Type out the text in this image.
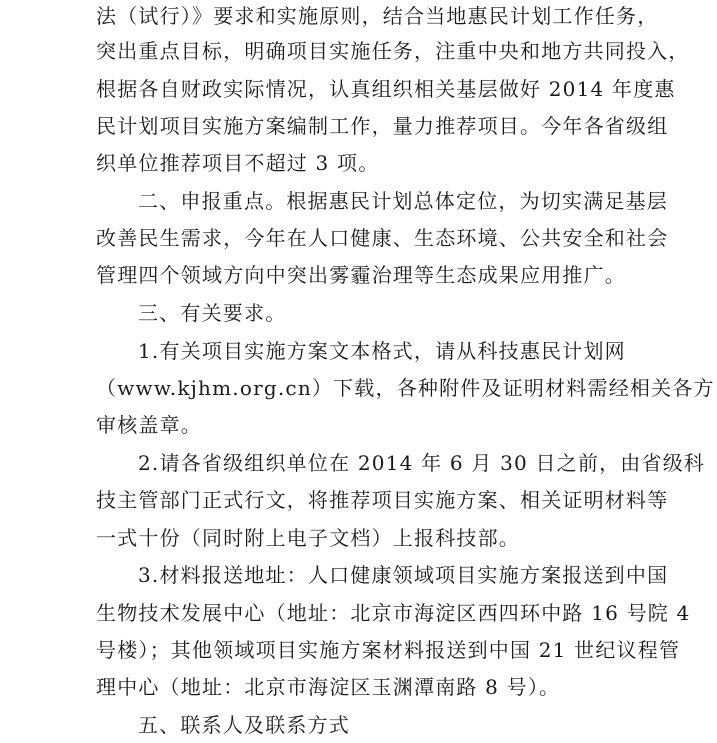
法（试行）》要求和实施原则，结合当地惠民计划工作任务，
突出重点目标，明确项目实施任务，注重中央和地方共同投入，
根据各自财政实际情况，认真组织相关基层做好 2014 年度惠
民计划项目实施方案编制工作，量力推荐项目。今年各省级组
织单位推荐项目不超过 3 项。
二、申报重点。根据惠民计划总体定位，为切实满足基层
改善民生需求，今年在人口健康、生态环境、公共安全和社会
管理四个领域方向中突出雾霾治理等生态成果应用推广。
三、有关要求。
1.有关项目实施方案文本格式，请从科技惠民计划网
（www.kjhm.org.cn）下载，各种附件及证明材料需经相关各方
审核盖章。
2.请各省级组织单位在 2014 年 6 月 30 日之前，由省级科
技主管部门正式行文，将推荐项目实施方案、相关证明材料等
一式十份（同时附上电子文档）上报科技部。
3.材料报送地址：人口健康领域项目实施方案报送到中国
生物技术发展中心（地址：北京市海淀区西四环中路 16 号院 4
号楼）；其他领域项目实施方案材料报送到中国 21 世纪议程管
理中心（地址：北京市海淀区玉渊潭南路 8 号）。
五、联系人及联系方式
